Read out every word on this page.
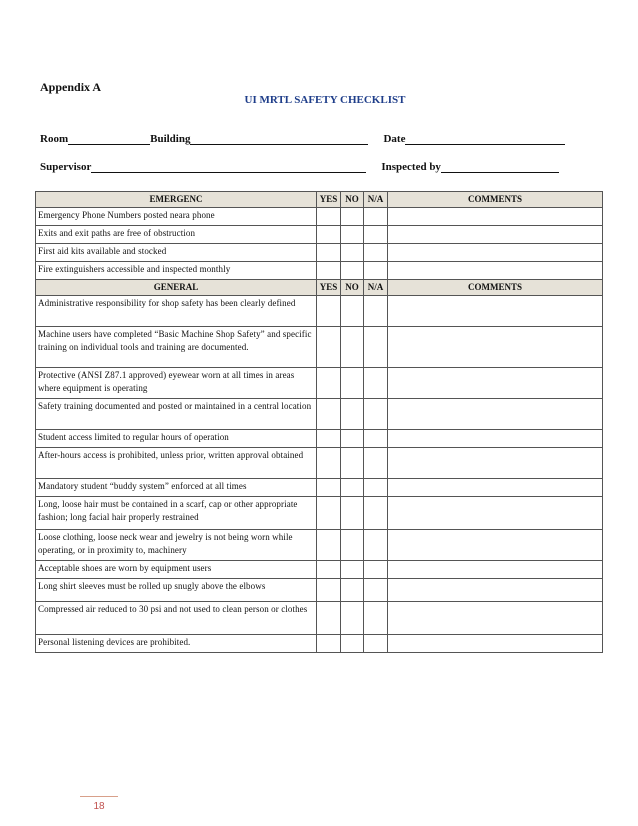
Appendix A

UI MRTL SAFETY CHECKLIST

Room	Building	Date
Supervisor	Inspected by
EMERGENC	YES	NO	N/A	COMMENTS
Emergency Phone Numbers posted neara phone				
Exits and exit paths are free of obstruction				
First aid kits available and stocked				
Fire extinguishers accessible and inspected monthly				
GENERAL	YES	NO	N/A	COMMENTS
Administrative responsibility for shop safety has been clearly defined				
Machine users have completed “Basic Machine Shop Safety” and specific training on individual tools and training are documented.				
Protective (ANSI Z87.1 approved) eyewear worn at all times in areas where equipment is operating				
Safety training documented and posted or maintained in a central location				
Student access limited to regular hours of operation				
After-hours access is prohibited, unless prior, written approval obtained				
Mandatory student “buddy system” enforced at all times				
Long, loose hair must be contained in a scarf, cap or other appropriate fashion; long facial hair properly restrained				
Loose clothing, loose neck wear and jewelry is not being worn while operating, or in proximity to, machinery				
Acceptable shoes are worn by equipment users				
Long shirt sleeves must be rolled up snugly above the elbows				
Compressed air reduced to 30 psi and not used to clean person or clothes				
Personal listening devices are prohibited.				
18
